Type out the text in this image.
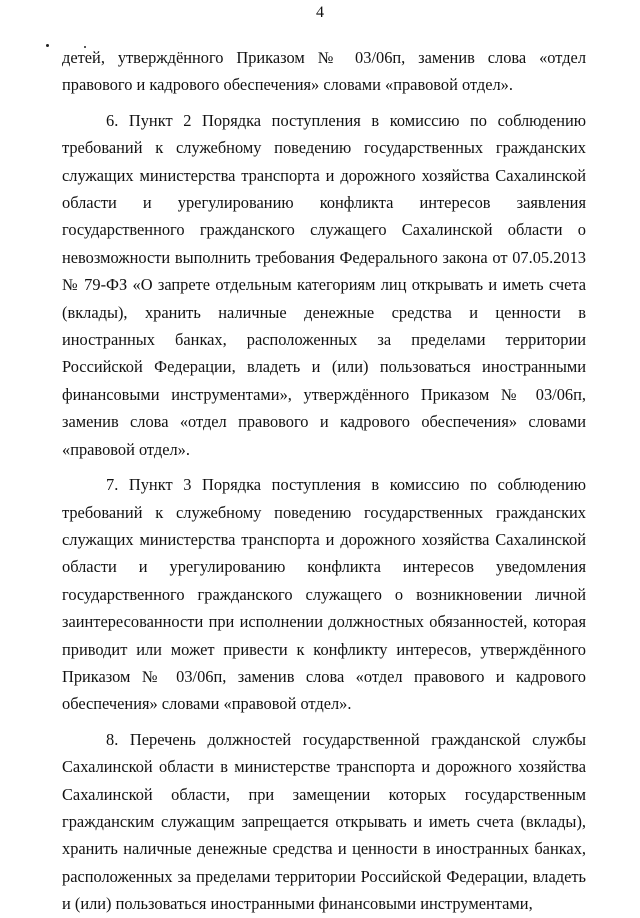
4

детей, утверждённого Приказом № 03/06п, заменив слова «отдел правового и кадрового обеспечения» словами «правовой отдел».

6. Пункт 2 Порядка поступления в комиссию по соблюдению требований к служебному поведению государственных гражданских служащих министерства транспорта и дорожного хозяйства Сахалинской области и урегулированию конфликта интересов заявления государственного гражданского служащего Сахалинской области о невозможности выполнить требования Федерального закона от 07.05.2013 № 79-ФЗ «О запрете отдельным категориям лиц открывать и иметь счета (вклады), хранить наличные денежные средства и ценности в иностранных банках, расположенных за пределами территории Российской Федерации, владеть и (или) пользоваться иностранными финансовыми инструментами», утверждённого Приказом № 03/06п, заменив слова «отдел правового и кадрового обеспечения» словами «правовой отдел».

7. Пункт 3 Порядка поступления в комиссию по соблюдению требований к служебному поведению государственных гражданских служащих министерства транспорта и дорожного хозяйства Сахалинской области и урегулированию конфликта интересов уведомления государственного гражданского служащего о возникновении личной заинтересованности при исполнении должностных обязанностей, которая приводит или может привести к конфликту интересов, утверждённого Приказом № 03/06п, заменив слова «отдел правового и кадрового обеспечения» словами «правовой отдел».

8. Перечень должностей государственной гражданской службы Сахалинской области в министерстве транспорта и дорожного хозяйства Сахалинской области, при замещении которых государственным гражданским служащим запрещается открывать и иметь счета (вклады), хранить наличные денежные средства и ценности в иностранных банках, расположенных за пределами территории Российской Федерации, владеть и (или) пользоваться иностранными финансовыми инструментами,
